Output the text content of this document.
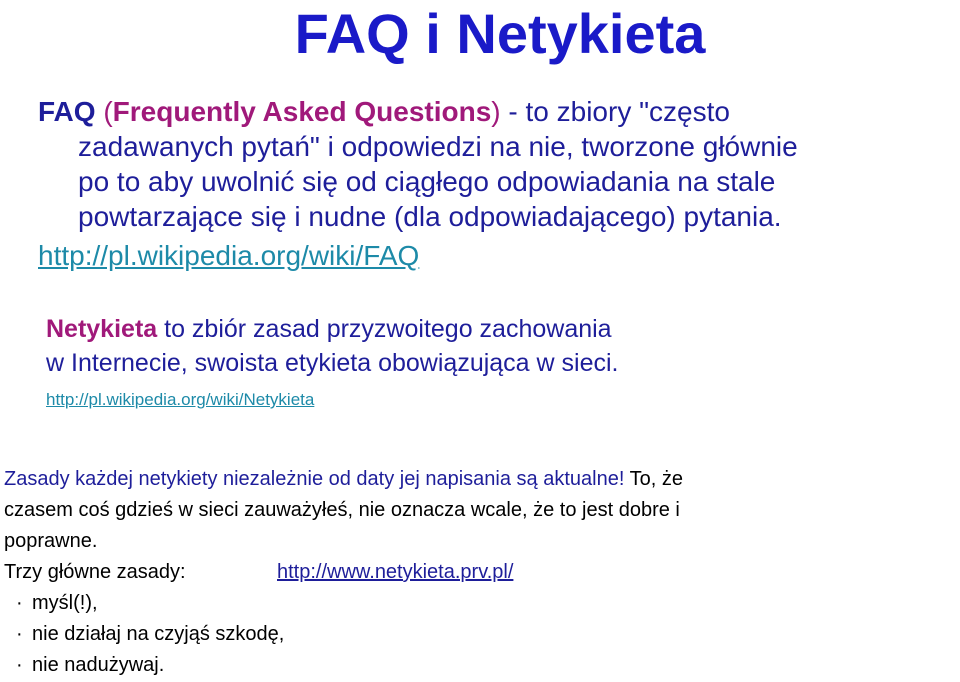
FAQ i Netykieta
FAQ (Frequently Asked Questions) - to zbiory "często
zadawanych pytań" i odpowiedzi na nie, tworzone głównie
po to aby uwolnić się od ciągłego odpowiadania na stale
powtarzające się i nudne (dla odpowiadającego) pytania.
http://pl.wikipedia.org/wiki/FAQ
Netykieta to zbiór zasad przyzwoitego zachowania
w Internecie, swoista etykieta obowiązująca w sieci.
http://pl.wikipedia.org/wiki/Netykieta
Zasady każdej netykiety niezależnie od daty jej napisania są aktualne! To, że
czasem coś gdzieś w sieci zauważyłeś, nie oznacza wcale, że to jest dobre i
poprawne.
Trzy główne zasady:	http://www.netykieta.prv.pl/
· myśl(!),
· nie działaj na czyjąś szkodę,
· nie nadużywaj.
